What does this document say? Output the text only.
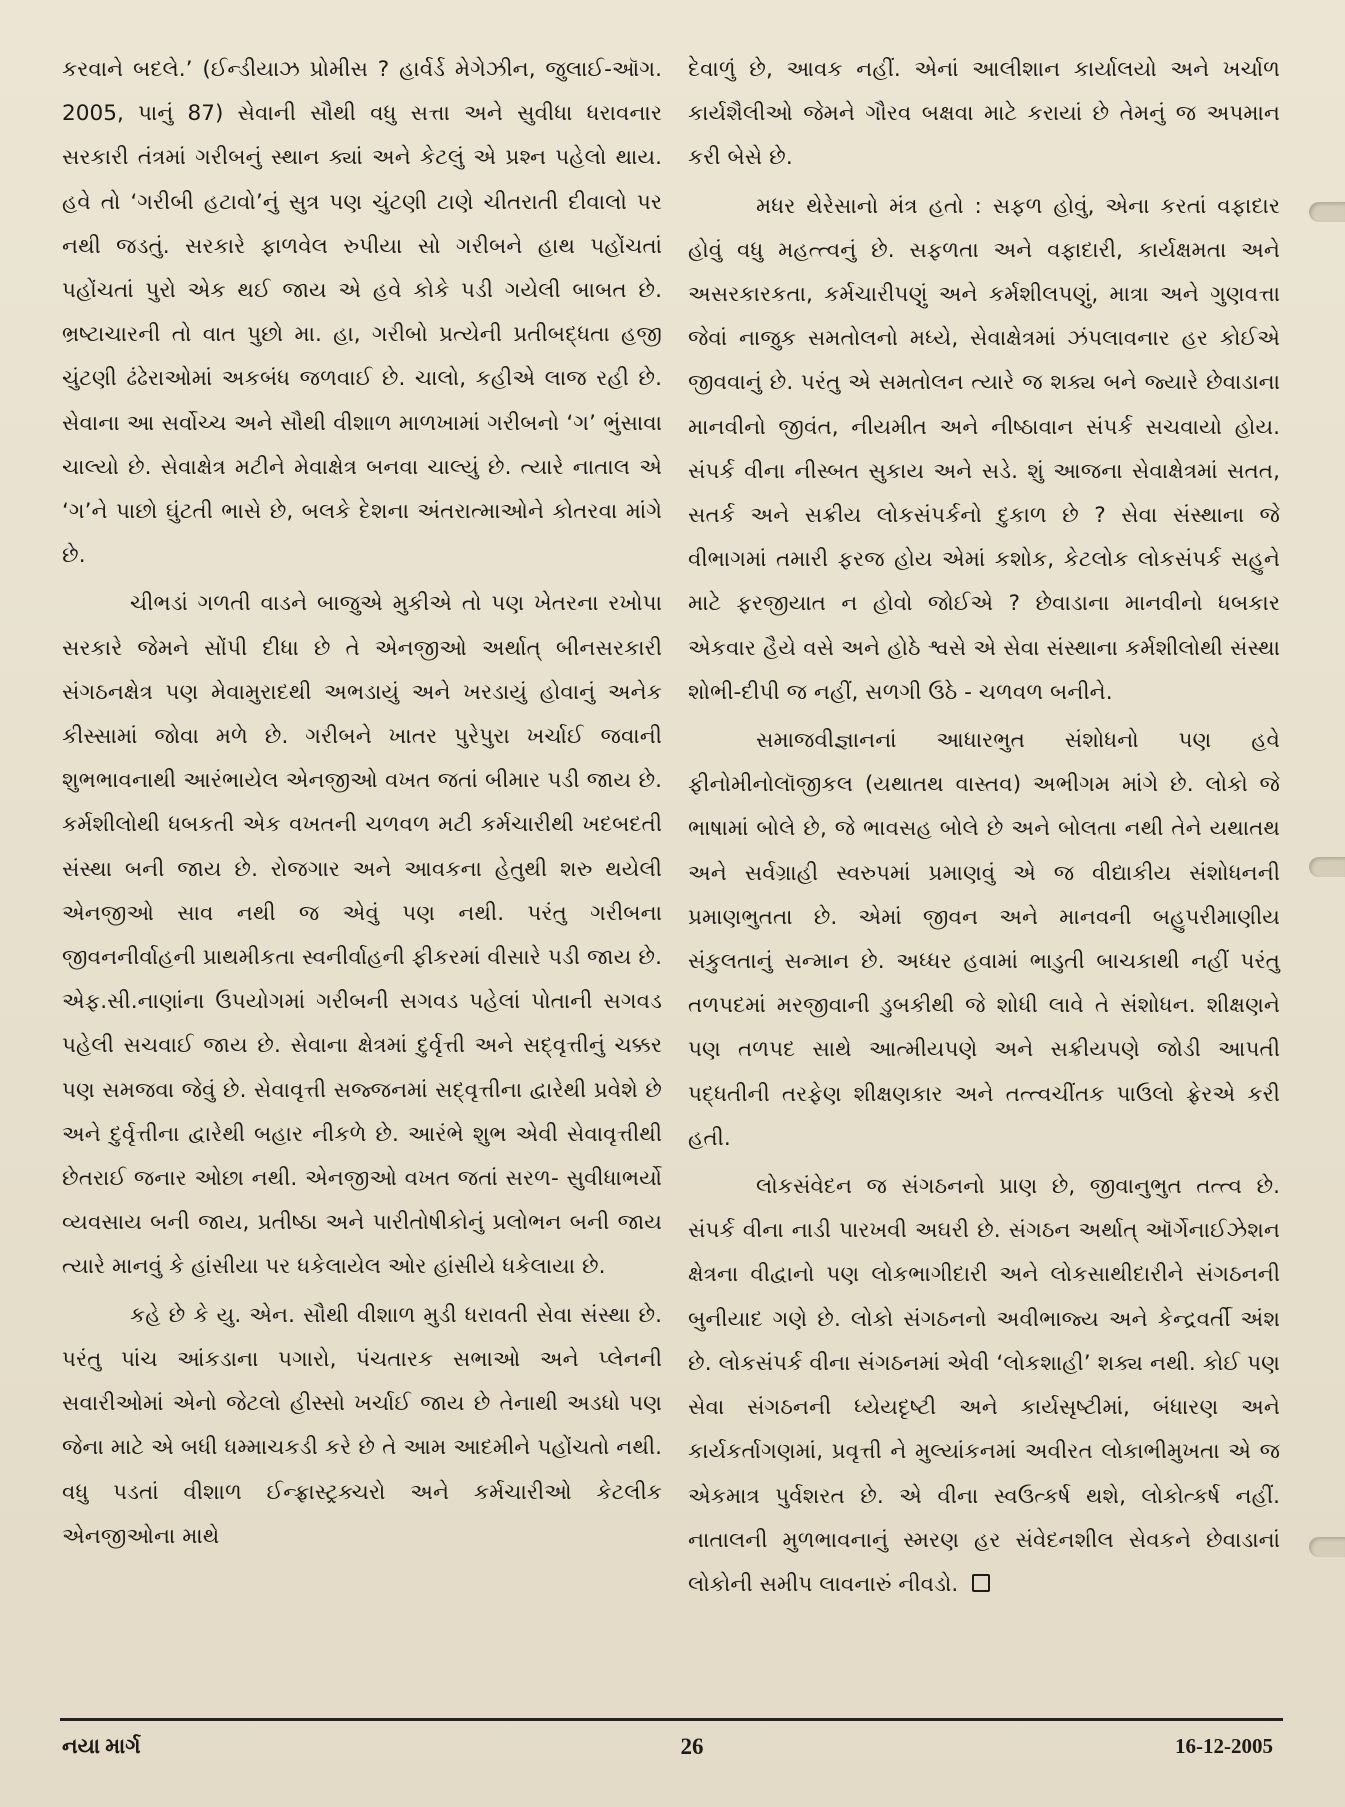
કરવાને બદલે.’ (ઈન્ડીયાઝ પ્રોમીસ ? હાર્વર્ડ મેગેઝીન, જુલાઈ-ઑગ. 2005, પાનું 87) સેવાની સૌથી વધુ સત્તા અને સુવીધા ધરાવનાર સરકારી તંત્રમાં ગરીબનું સ્થાન ક્યાં અને કેટલું એ પ્રશ્ન પહેલો થાય. હવે તો ‘ગરીબી હટાવો’નું સુત્ર પણ ચુંટણી ટાણે ચીતરાતી દીવાલો પર નથી જડતું. સરકારે ફાળવેલ રુપીયા સો ગરીબને હાથ પહોંચતાં પહોંચતાં પુરો એક થઈ જાય એ હવે કોકે પડી ગયેલી બાબત છે. ભ્રષ્ટાચારની તો વાત પુછો મા. હા, ગરીબો પ્રત્યેની પ્રતીબદ્ધતા હજી ચુંટણી ઢંઢેરાઓમાં અકબંધ જળવાઈ છે. ચાલો, કહીએ લાજ રહી છે. સેવાના આ સર્વોચ્ચ અને સૌથી વીશાળ માળખામાં ગરીબનો ‘ગ’ ભુંસાવા ચાલ્યો છે. સેવાક્ષેત્ર મટીને મેવાક્ષેત્ર બનવા ચાલ્યું છે. ત્યારે નાતાલ એ ‘ગ’ને પાછો ઘુંટતી ભાસે છે, બલકે દેશના અંતરાત્માઓને કોતરવા માંગે છે.

ચીભડાં ગળતી વાડને બાજુએ મુકીએ તો પણ ખેતરના રખોપા સરકારે જેમને સોંપી દીધા છે તે એનજીઓ અર્થાત્ બીનસરકારી સંગઠનક્ષેત્ર પણ મેવામુરાદથી અભડાયું અને ખરડાયું હોવાનું અનેક કીસ્સામાં જોવા મળે છે. ગરીબને ખાતર પુરેપુરા ખર્ચાઈ જવાની શુભભાવનાથી આરંભાયેલ એનજીઓ વખત જતાં બીમાર પડી જાય છે. કર્મશીલોથી ધબકતી એક વખતની ચળવળ મટી કર્મચારીથી ખદબદતી સંસ્થા બની જાય છે. રોજગાર અને આવકના હેતુથી શરુ થયેલી એનજીઓ સાવ નથી જ એવું પણ નથી. પરંતુ ગરીબના જીવનનીર્વાહની પ્રાથમીકતા સ્વનીર્વાહની ફીકરમાં વીસારે પડી જાય છે. એફ.સી.નાણાંના ઉપયોગમાં ગરીબની સગવડ પહેલાં પોતાની સગવડ પહેલી સચવાઈ જાય છે. સેવાના ક્ષેત્રમાં દુર્વૃત્તી અને સદ્‌વૃત્તીનું ચક્કર પણ સમજવા જેવું છે. સેવાવૃત્તી સજ્જનમાં સદ્‌વૃત્તીના દ્વારેથી પ્રવેશે છે અને દુર્વૃત્તીના દ્વારેથી બહાર નીકળે છે. આરંભે શુભ એવી સેવાવૃત્તીથી છેતરાઈ જનાર ઓછા નથી. એનજીઓ વખત જતાં સરળ- સુવીધાભર્યો વ્યવસાય બની જાય, પ્રતીષ્ઠા અને પારીતોષીકોનું પ્રલોભન બની જાય ત્યારે માનવું કે હાંસીયા પર ધકેલાયેલ ઓર હાંસીયે ધકેલાયા છે.

કહે છે કે યુ. એન. સૌથી વીશાળ મુડી ધરાવતી સેવા સંસ્થા છે. પરંતુ પાંચ આંકડાના પગારો, પંચતારક સભાઓ અને પ્લેનની સવારીઓમાં એનો જેટલો હીસ્સો ખર્ચાઈ જાય છે તેનાથી અડધો પણ જેના માટે એ બધી ધમ્માચકડી કરે છે તે આમ આદમીને પહોંચતો નથી. વધુ પડતાં વીશાળ ઈન્ફ્રાસ્ટ્રક્ચરો અને કર્મચારીઓ કેટલીક એનજીઓના માથે

દેવાળું છે, આવક નહીં. એનાં આલીશાન કાર્યાલયો અને ખર્ચાળ કાર્યશૈલીઓ જેમને ગૌરવ બક્ષવા માટે કરાયાં છે તેમનું જ અપમાન કરી બેસે છે.

મધર થેરેસાનો મંત્ર હતો : સફળ હોવું, એના કરતાં વફાદાર હોવું વધુ મહત્ત્વનું છે. સફળતા અને વફાદારી, કાર્યક્ષમતા અને અસરકારકતા, કર્મચારીપણું અને કર્મશીલપણું, માત્રા અને ગુણવત્તા જેવાં નાજુક સમતોલનો મધ્યે, સેવાક્ષેત્રમાં ઝંપલાવનાર હર કોઈએ જીવવાનું છે. પરંતુ એ સમતોલન ત્યારે જ શક્ય બને જ્યારે છેવાડાના માનવીનો જીવંત, નીયમીત અને નીષ્ઠાવાન સંપર્ક સચવાયો હોય. સંપર્ક વીના નીસ્બત સુકાય અને સડે. શું આજના સેવાક્ષેત્રમાં સતત, સતર્ક અને સક્રીય લોકસંપર્કનો દુકાળ છે ? સેવા સંસ્થાના જે વીભાગમાં તમારી ફરજ હોય એમાં કશોક, કેટલોક લોકસંપર્ક સહુને માટે ફરજીયાત ન હોવો જોઈએ ? છેવાડાના માનવીનો ધબકાર એકવાર હૈયે વસે અને હોઠે શ્વસે એ સેવા સંસ્થાના કર્મશીલોથી સંસ્થા શોભી-દીપી જ નહીં, સળગી ઉઠે - ચળવળ બનીને.

સમાજવીજ્ઞાનનાં આધારભુત સંશોધનો પણ હવે ફીનોમીનોલૉજીકલ (યથાતથ વાસ્તવ) અભીગમ માંગે છે. લોકો જે ભાષામાં બોલે છે, જે ભાવસહ બોલે છે અને બોલતા નથી તેને યથાતથ અને સર્વગ્રાહી સ્વરુપમાં પ્રમાણવું એ જ વીદ્યાકીય સંશોધનની પ્રમાણભુતતા છે. એમાં જીવન અને માનવની બહુપરીમાણીય સંકુલતાનું સન્માન છે. અધ્ધર હવામાં ભાડુતી બાચકાથી નહીં પરંતુ તળપદમાં મરજીવાની ડુબકીથી જે શોધી લાવે તે સંશોધન. શીક્ષણને પણ તળપદ સાથે આત્મીયપણે અને સક્રીયપણે જોડી આપતી પદ્ધતીની તરફેણ શીક્ષણકાર અને તત્ત્વચીંતક પાઉલો ફ્રેરએ કરી હતી.

લોકસંવેદન જ સંગઠનનો પ્રાણ છે, જીવાનુભુત તત્ત્વ છે. સંપર્ક વીના નાડી પારખવી અઘરી છે. સંગઠન અર્થાત્ ઑર્ગેનાઈઝેશન ક્ષેત્રના વીદ્વાનો પણ લોકભાગીદારી અને લોકસાથીદારીને સંગઠનની બુનીયાદ ગણે છે. લોકો સંગઠનનો અવીભાજ્ય અને કેન્દ્રવર્તી અંશ છે. લોકસંપર્ક વીના સંગઠનમાં એવી ‘લોકશાહી’ શક્ય નથી. કોઈ પણ સેવા સંગઠનની ધ્યેયદૃષ્ટી અને કાર્યસૃષ્ટીમાં, બંધારણ અને કાર્યકર્તાગણમાં, પ્રવૃત્તી ને મુલ્યાંકનમાં અવીરત લોકાભીમુખતા એ જ એકમાત્ર પુર્વશરત છે. એ વીના સ્વઉત્કર્ષ થશે, લોકોત્કર્ષ નહીં. નાતાલની મુળભાવનાનું સ્મરણ હર સંવેદનશીલ સેવકને છેવાડાનાં લોકોની સમીપ લાવનારું નીવડો.

નયા માર્ગ	26	16-12-2005
